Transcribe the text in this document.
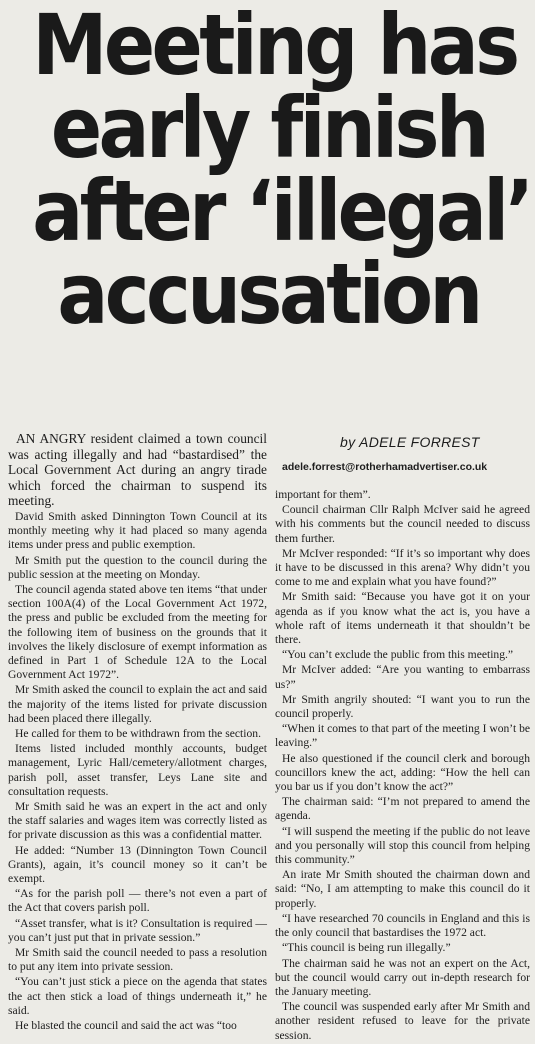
Meeting has
early finish
after ‘illegal’
accusation
by ADELE FORREST
adele.forrest@rotherhamadvertiser.co.uk

AN ANGRY resident claimed a town council was acting illegally and had “bastardised” the Local Government Act during an angry tirade which forced the chairman to suspend its meeting.

David Smith asked Dinnington Town Council at its monthly meeting why it had placed so many agenda items under press and public exemption.

Mr Smith put the question to the council during the public session at the meeting on Monday.

The council agenda stated above ten items “that under section 100A(4) of the Local Government Act 1972, the press and public be excluded from the meeting for the following item of business on the grounds that it involves the likely disclosure of exempt information as defined in Part 1 of Schedule 12A to the Local Government Act 1972”.

Mr Smith asked the council to explain the act and said the majority of the items listed for private discussion had been placed there illegally.

He called for them to be withdrawn from the section.

Items listed included monthly accounts, budget management, Lyric Hall/cemetery/allotment charges, parish poll, asset transfer, Leys Lane site and consultation requests.

Mr Smith said he was an expert in the act and only the staff salaries and wages item was correctly listed as for private discussion as this was a confidential matter.

He added: “Number 13 (Dinnington Town Council Grants), again, it’s council money so it can’t be exempt.

“As for the parish poll — there’s not even a part of the Act that covers parish poll.

“Asset transfer, what is it? Consultation is required — you can’t just put that in private session.”

Mr Smith said the council needed to pass a resolution to put any item into private session.

“You can’t just stick a piece on the agenda that states the act then stick a load of things underneath it,” he said.

He blasted the council and said the act was “too

important for them”.

Council chairman Cllr Ralph McIver said he agreed with his comments but the council needed to discuss them further.

Mr McIver responded: “If it’s so important why does it have to be discussed in this arena? Why didn’t you come to me and explain what you have found?”

Mr Smith said: “Because you have got it on your agenda as if you know what the act is, you have a whole raft of items underneath it that shouldn’t be there.

“You can’t exclude the public from this meeting.”

Mr McIver added: “Are you wanting to embarrass us?”

Mr Smith angrily shouted: “I want you to run the council properly.

“When it comes to that part of the meeting I won’t be leaving.”

He also questioned if the council clerk and borough councillors knew the act, adding: “How the hell can you bar us if you don’t know the act?”

The chairman said: “I’m not prepared to amend the agenda.

“I will suspend the meeting if the public do not leave and you personally will stop this council from helping this community.”

An irate Mr Smith shouted the chairman down and said: “No, I am attempting to make this council do it properly.

“I have researched 70 councils in England and this is the only council that bastardises the 1972 act.

“This council is being run illegally.”

The chairman said he was not an expert on the Act, but the council would carry out in-depth research for the January meeting.

The council was suspended early after Mr Smith and another resident refused to leave for the private session.
